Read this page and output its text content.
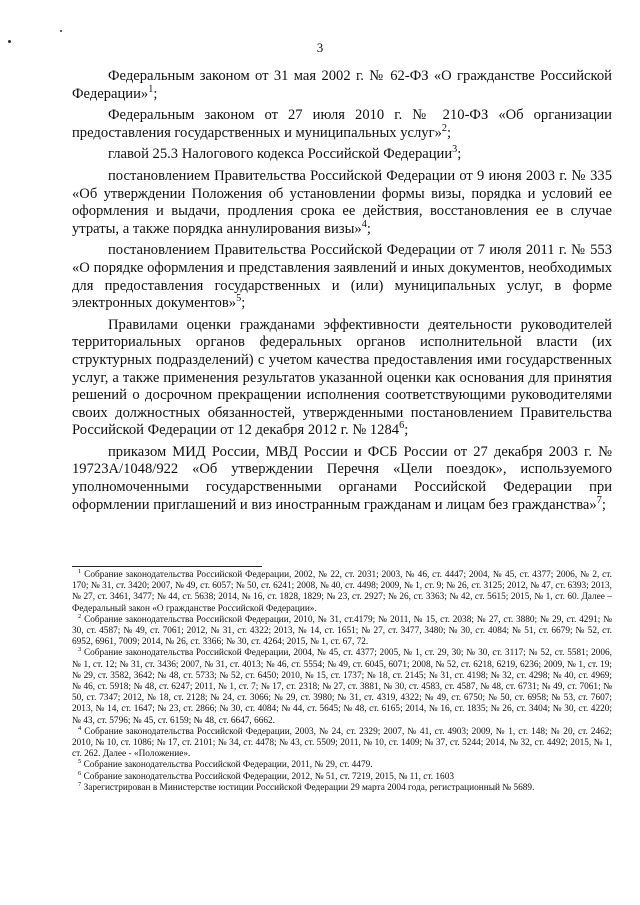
3

Федеральным законом от 31 мая 2002 г. № 62-ФЗ «О гражданстве Российской Федерации»$^1$;

Федеральным законом от 27 июля 2010 г. № 210-ФЗ «Об организации предоставления государственных и муниципальных услуг»$^2$;

главой 25.3 Налогового кодекса Российской Федерации$^3$;

постановлением Правительства Российской Федерации от 9 июня 2003 г. № 335 «Об утверждении Положения об установлении формы визы, порядка и условий ее оформления и выдачи, продления срока ее действия, восстановления ее в случае утраты, а также порядка аннулирования визы»$^4$;

постановлением Правительства Российской Федерации от 7 июля 2011 г. № 553 «О порядке оформления и представления заявлений и иных документов, необходимых для предоставления государственных и (или) муниципальных услуг, в форме электронных документов»$^5$;

Правилами оценки гражданами эффективности деятельности руководителей территориальных органов федеральных органов исполнительной власти (их структурных подразделений) с учетом качества предоставления ими государственных услуг, а также применения результатов указанной оценки как основания для принятия решений о досрочном прекращении исполнения соответствующими руководителями своих должностных обязанностей, утвержденными постановлением Правительства Российской Федерации от 12 декабря 2012 г. № 1284$^6$;

приказом МИД России, МВД России и ФСБ России от 27 декабря 2003 г. № 19723А/1048/922 «Об утверждении Перечня «Цели поездок», используемого уполномоченными государственными органами Российской Федерации при оформлении приглашений и виз иностранным гражданам и лицам без гражданства»$^7$;

$^1$ Собрание законодательства Российской Федерации, 2002, № 22, ст. 2031; 2003, № 46, ст. 4447; 2004, № 45, ст. 4377; 2006, № 2, ст. 170; № 31, ст. 3420; 2007, № 49, ст. 6057; № 50, ст. 6241; 2008, № 40, ст. 4498; 2009, № 1, ст. 9; № 26, ст. 3125; 2012, № 47, ст. 6393; 2013, № 27, ст. 3461, 3477; № 44, ст. 5638; 2014, № 16, ст. 1828, 1829; № 23, ст. 2927; № 26, ст. 3363; № 42, ст. 5615; 2015, № 1, ст. 60. Далее – Федеральный закон «О гражданстве Российской Федерации».

$^2$ Собрание законодательства Российской Федерации, 2010, № 31, ст.4179; № 2011, № 15, ст. 2038; № 27, ст. 3880; № 29, ст. 4291; № 30, ст. 4587; № 49, ст. 7061; 2012, № 31, ст. 4322; 2013, № 14, ст. 1651; № 27, ст. 3477, 3480; № 30, ст. 4084; № 51, ст. 6679; № 52, ст. 6952, 6961, 7009; 2014, № 26, ст. 3366; № 30, ст. 4264; 2015, № 1, ст. 67, 72.

$^3$ Собрание законодательства Российской Федерации, 2004, № 45, ст. 4377; 2005, № 1, ст. 29, 30; № 30, ст. 3117; № 52, ст. 5581; 2006, № 1, ст. 12; № 31, ст. 3436; 2007, № 31, ст. 4013; № 46, ст. 5554; № 49, ст. 6045, 6071; 2008, № 52, ст. 6218, 6219, 6236; 2009, № 1, ст. 19; № 29, ст. 3582, 3642; № 48, ст. 5733; № 52, ст. 6450; 2010, № 15, ст. 1737; № 18, ст. 2145; № 31, ст. 4198; № 32, ст. 4298; № 40, ст. 4969; № 46, ст. 5918; № 48, ст. 6247; 2011, № 1, ст. 7; № 17, ст. 2318; № 27, ст. 3881, № 30, ст. 4583, ст. 4587, № 48, ст. 6731; № 49, ст. 7061; № 50, ст. 7347; 2012, № 18, ст. 2128; № 24, ст. 3066; № 29, ст. 3980; № 31, ст. 4319, 4322; № 49, ст. 6750; № 50, ст. 6958; № 53, ст. 7607; 2013, № 14, ст. 1647; № 23, ст. 2866; № 30, ст. 4084; № 44, ст. 5645; № 48, ст. 6165; 2014, № 16, ст. 1835; № 26, ст. 3404; № 30, ст. 4220; № 43, ст. 5796; № 45, ст. 6159; № 48, ст. 6647, 6662.

$^4$ Собрание законодательства Российской Федерации, 2003, № 24, ст. 2329; 2007, № 41, ст. 4903; 2009, № 1, ст. 148; № 20, ст. 2462; 2010, № 10, ст. 1086; № 17, ст. 2101; № 34, ст. 4478; № 43, ст. 5509; 2011, № 10, ст. 1409; № 37, ст. 5244; 2014, № 32, ст. 4492; 2015, № 1, ст. 262. Далее - «Положение».

$^5$ Собрание законодательства Российской Федерации, 2011, № 29, ст. 4479.

$^6$ Собрание законодательства Российской Федерации, 2012, № 51, ст. 7219, 2015, № 11, ст. 1603

$^7$ Зарегистрирован в Министерстве юстиции Российской Федерации 29 марта 2004 года, регистрационный № 5689.
